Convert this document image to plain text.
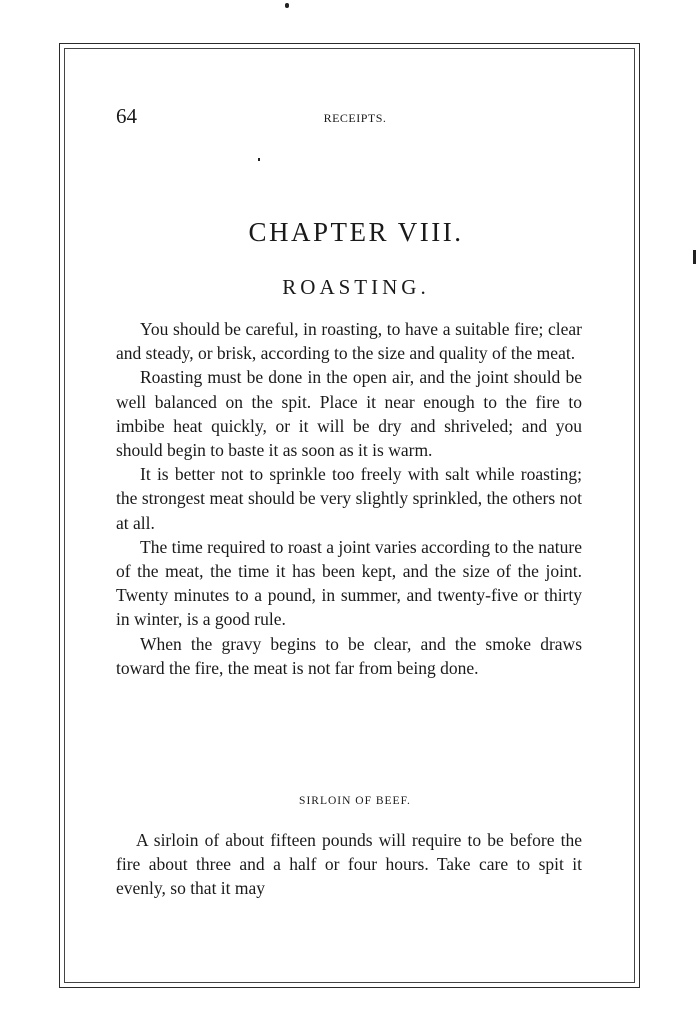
64	RECEIPTS.
CHAPTER VIII.
ROASTING.

You should be careful, in roasting, to have a suitable fire; clear and steady, or brisk, according to the size and quality of the meat.

Roasting must be done in the open air, and the joint should be well balanced on the spit. Place it near enough to the fire to imbibe heat quickly, or it will be dry and shriveled; and you should begin to baste it as soon as it is warm.

It is better not to sprinkle too freely with salt while roasting; the strongest meat should be very slightly sprinkled, the others not at all.

The time required to roast a joint varies according to the nature of the meat, the time it has been kept, and the size of the joint. Twenty minutes to a pound, in summer, and twenty-five or thirty in winter, is a good rule.

When the gravy begins to be clear, and the smoke draws toward the fire, the meat is not far from being done.

SIRLOIN OF BEEF.

A sirloin of about fifteen pounds will require to be before the fire about three and a half or four hours. Take care to spit it evenly, so that it may
